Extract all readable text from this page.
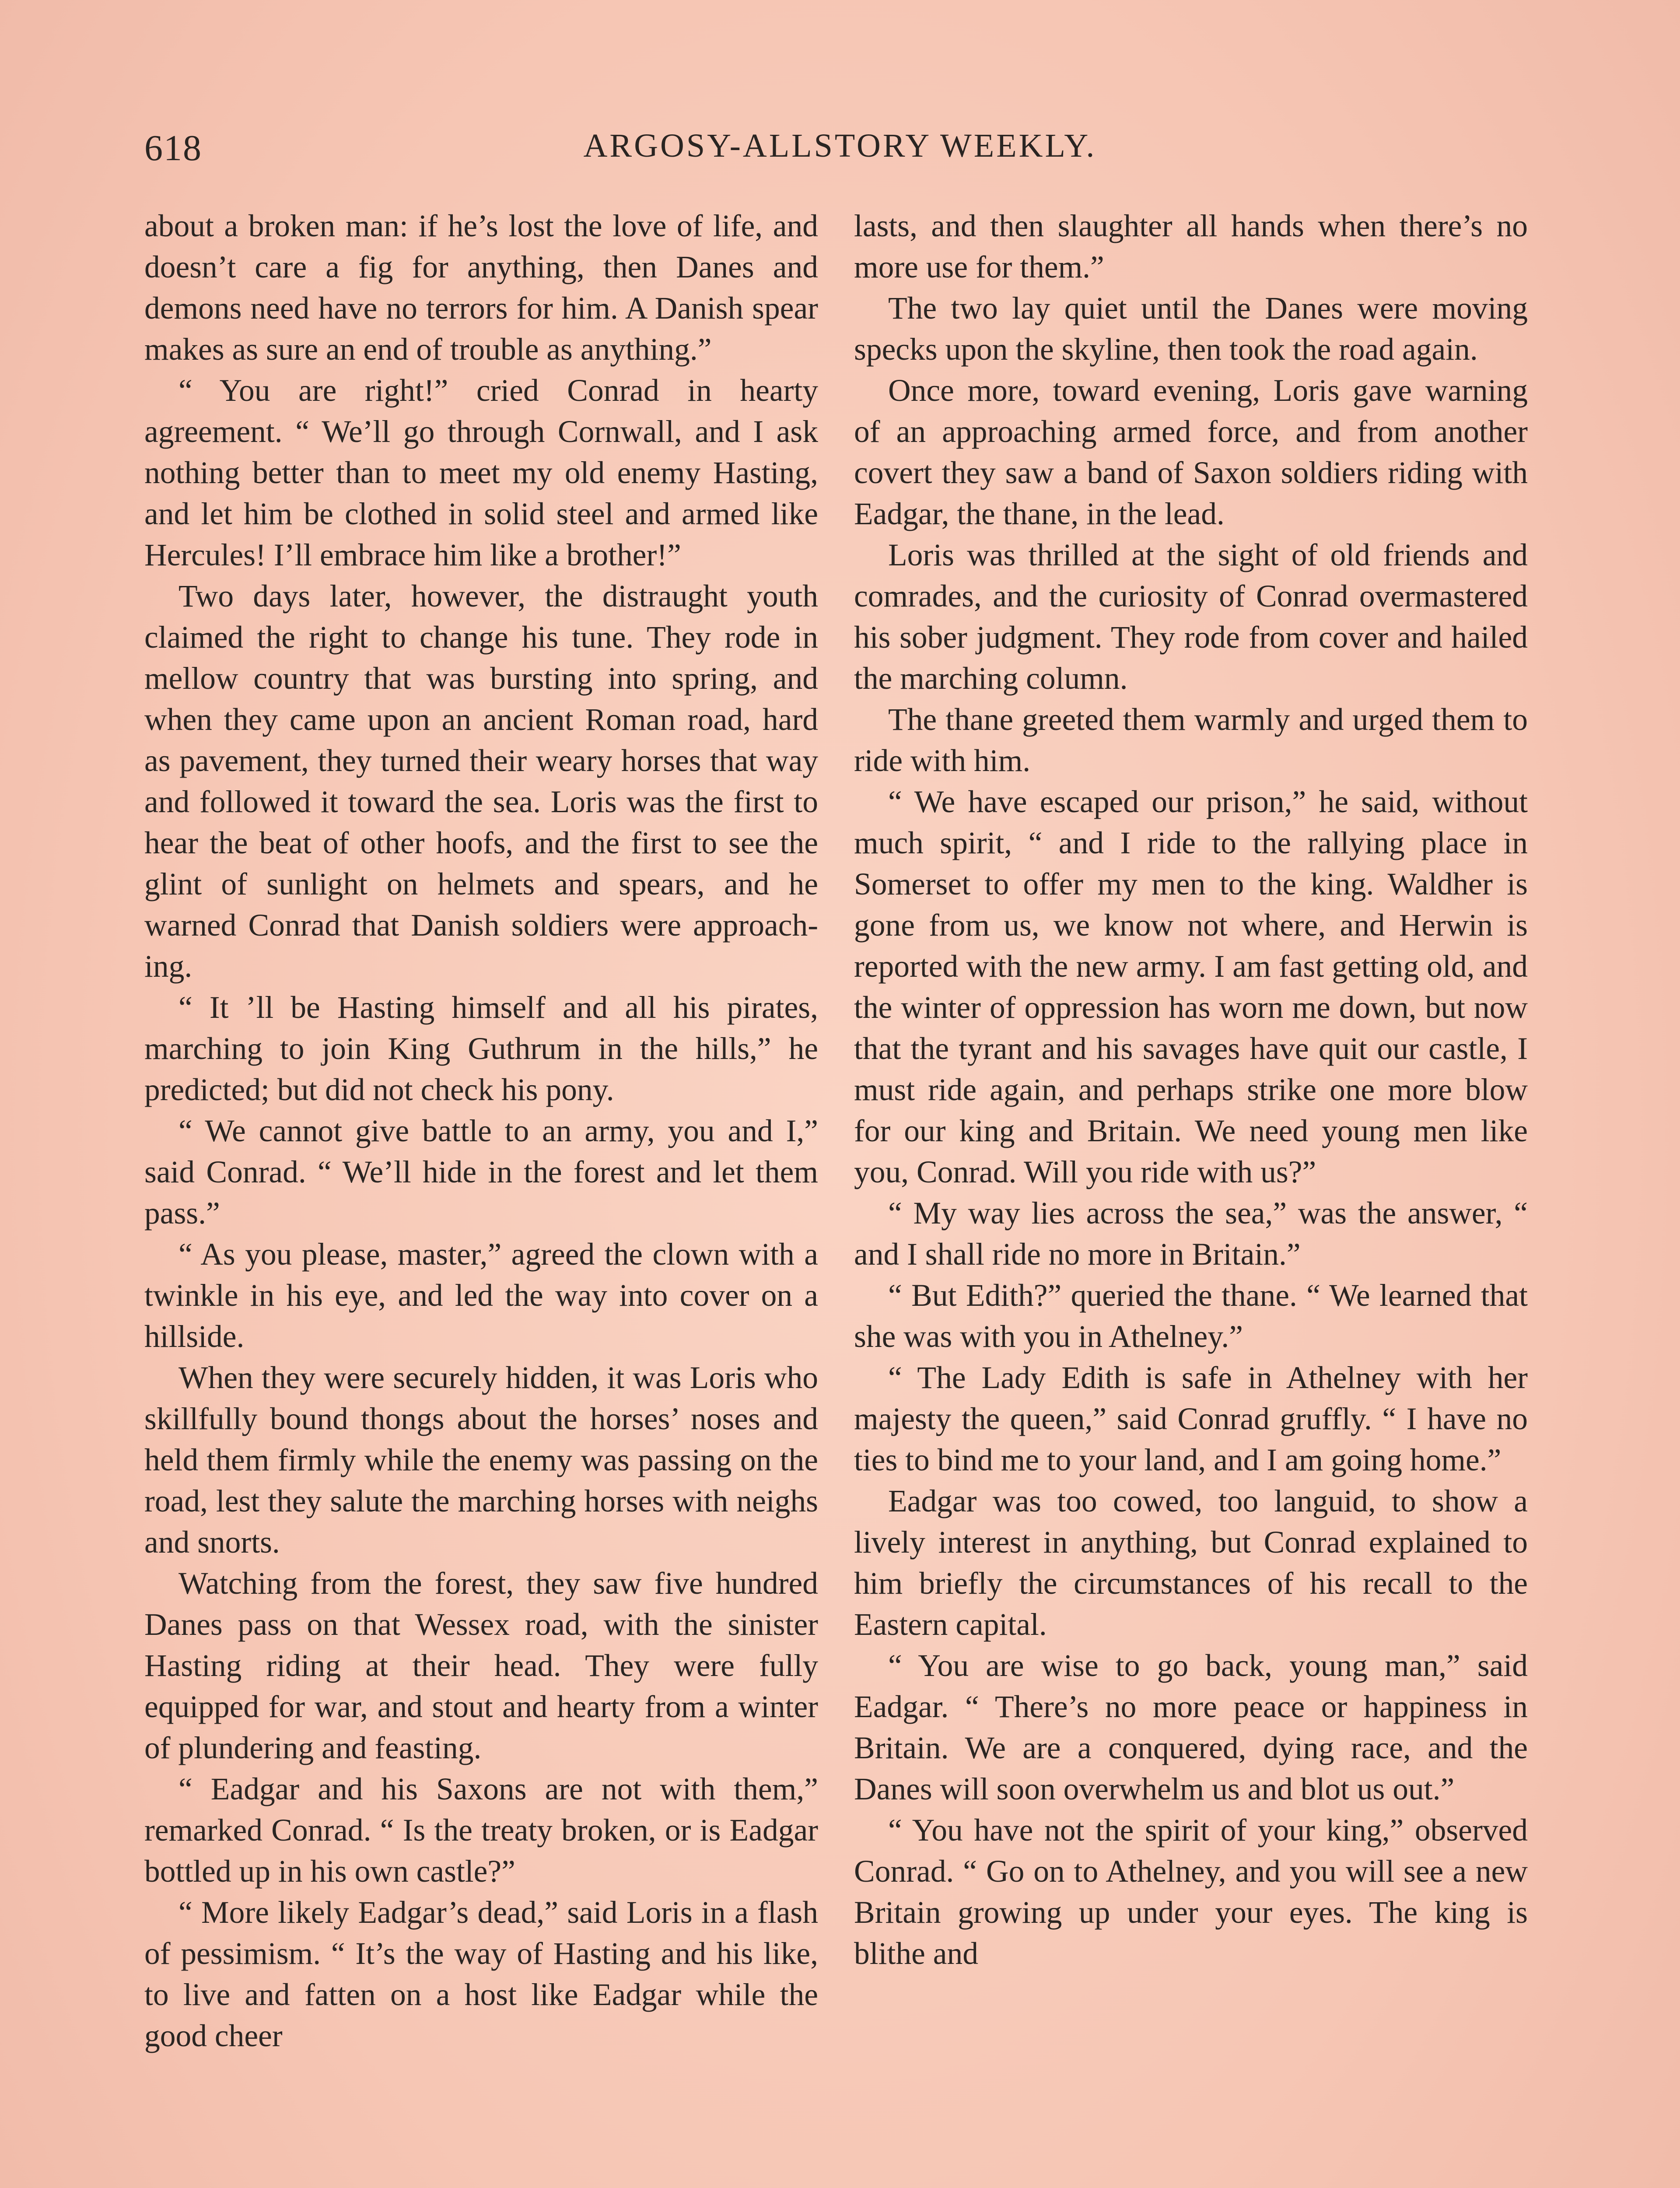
618	ARGOSY-ALLSTORY WEEKLY.

about a broken man: if he’s lost the love of life, and doesn’t care a fig for anything, then Danes and demons need have no terrors for him. A Danish spear makes as sure an end of trouble as anything.”

“ You are right!” cried Conrad in hearty agreement. “ We’ll go through Cornwall, and I ask nothing better than to meet my old enemy Hasting, and let him be clothed in solid steel and armed like Hercules! I’ll embrace him like a brother!”

Two days later, however, the distraught youth claimed the right to change his tune. They rode in mellow country that was bursting into spring, and when they came upon an ancient Roman road, hard as pavement, they turned their weary horses that way and followed it toward the sea. Loris was the first to hear the beat of other hoofs, and the first to see the glint of sunlight on helmets and spears, and he warned Conrad that Danish soldiers were approaching.

“ It ’ll be Hasting himself and all his pirates, marching to join King Guthrum in the hills,” he predicted; but did not check his pony.

“ We cannot give battle to an army, you and I,” said Conrad. “ We’ll hide in the forest and let them pass.”

“ As you please, master,” agreed the clown with a twinkle in his eye, and led the way into cover on a hillside.

When they were securely hidden, it was Loris who skillfully bound thongs about the horses’ noses and held them firmly while the enemy was passing on the road, lest they salute the marching horses with neighs and snorts.

Watching from the forest, they saw five hundred Danes pass on that Wessex road, with the sinister Hasting riding at their head. They were fully equipped for war, and stout and hearty from a winter of plundering and feasting.

“ Eadgar and his Saxons are not with them,” remarked Conrad. “ Is the treaty broken, or is Eadgar bottled up in his own castle?”

“ More likely Eadgar’s dead,” said Loris in a flash of pessimism. “ It’s the way of Hasting and his like, to live and fatten on a host like Eadgar while the good cheer

lasts, and then slaughter all hands when there’s no more use for them.”

The two lay quiet until the Danes were moving specks upon the skyline, then took the road again.

Once more, toward evening, Loris gave warning of an approaching armed force, and from another covert they saw a band of Saxon soldiers riding with Eadgar, the thane, in the lead.

Loris was thrilled at the sight of old friends and comrades, and the curiosity of Conrad overmastered his sober judgment. They rode from cover and hailed the marching column.

The thane greeted them warmly and urged them to ride with him.

“ We have escaped our prison,” he said, without much spirit, “ and I ride to the rallying place in Somerset to offer my men to the king. Waldher is gone from us, we know not where, and Herwin is reported with the new army. I am fast getting old, and the winter of oppression has worn me down, but now that the tyrant and his savages have quit our castle, I must ride again, and perhaps strike one more blow for our king and Britain. We need young men like you, Conrad. Will you ride with us?”

“ My way lies across the sea,” was the answer, “ and I shall ride no more in Britain.”

“ But Edith?” queried the thane. “ We learned that she was with you in Athelney.”

“ The Lady Edith is safe in Athelney with her majesty the queen,” said Conrad gruffly. “ I have no ties to bind me to your land, and I am going home.”

Eadgar was too cowed, too languid, to show a lively interest in anything, but Conrad explained to him briefly the circumstances of his recall to the Eastern capital.

“ You are wise to go back, young man,” said Eadgar. “ There’s no more peace or happiness in Britain. We are a conquered, dying race, and the Danes will soon overwhelm us and blot us out.”

“ You have not the spirit of your king,” observed Conrad. “ Go on to Athelney, and you will see a new Britain growing up under your eyes. The king is blithe and
